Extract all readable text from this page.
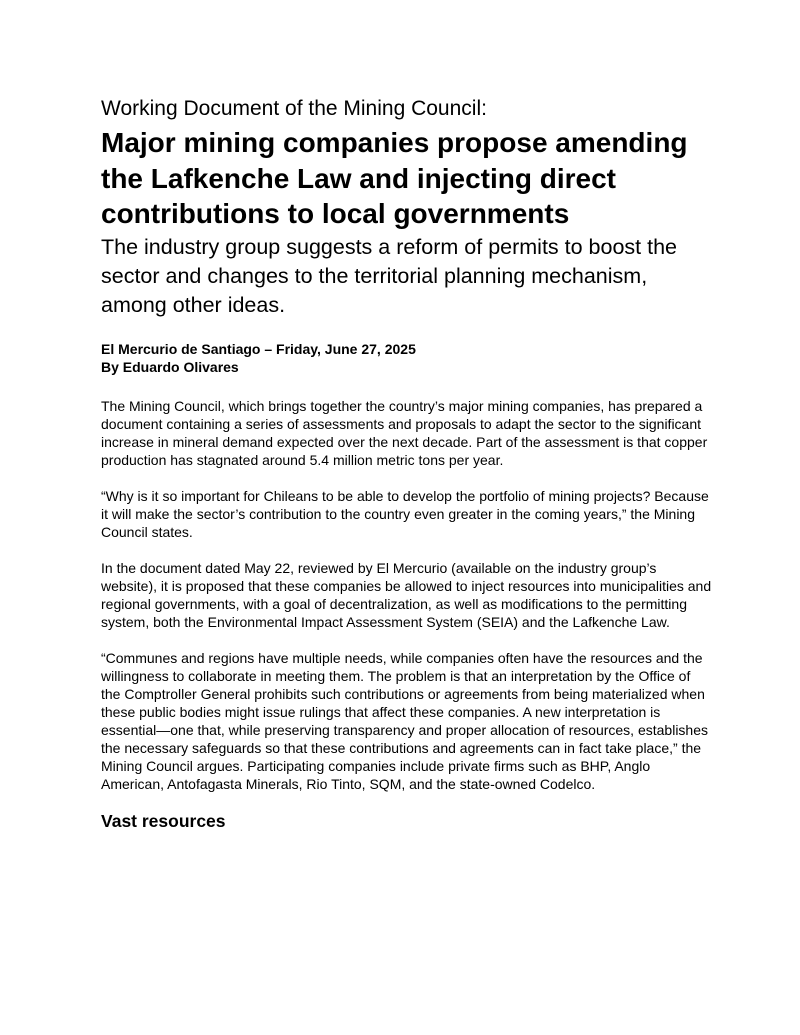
Working Document of the Mining Council:
Major mining companies propose amending the Lafkenche Law and injecting direct contributions to local governments

The industry group suggests a reform of permits to boost the sector and changes to the territorial planning mechanism, among other ideas.

El Mercurio de Santiago – Friday, June 27, 2025
By Eduardo Olivares

The Mining Council, which brings together the country’s major mining companies, has prepared a document containing a series of assessments and proposals to adapt the sector to the significant increase in mineral demand expected over the next decade. Part of the assessment is that copper production has stagnated around 5.4 million metric tons per year.

“Why is it so important for Chileans to be able to develop the portfolio of mining projects? Because it will make the sector’s contribution to the country even greater in the coming years,” the Mining Council states.

In the document dated May 22, reviewed by El Mercurio (available on the industry group’s website), it is proposed that these companies be allowed to inject resources into municipalities and regional governments, with a goal of decentralization, as well as modifications to the permitting system, both the Environmental Impact Assessment System (SEIA) and the Lafkenche Law.

“Communes and regions have multiple needs, while companies often have the resources and the willingness to collaborate in meeting them. The problem is that an interpretation by the Office of the Comptroller General prohibits such contributions or agreements from being materialized when these public bodies might issue rulings that affect these companies. A new interpretation is essential—one that, while preserving transparency and proper allocation of resources, establishes the necessary safeguards so that these contributions and agreements can in fact take place,” the Mining Council argues. Participating companies include private firms such as BHP, Anglo American, Antofagasta Minerals, Rio Tinto, SQM, and the state-owned Codelco.

Vast resources
